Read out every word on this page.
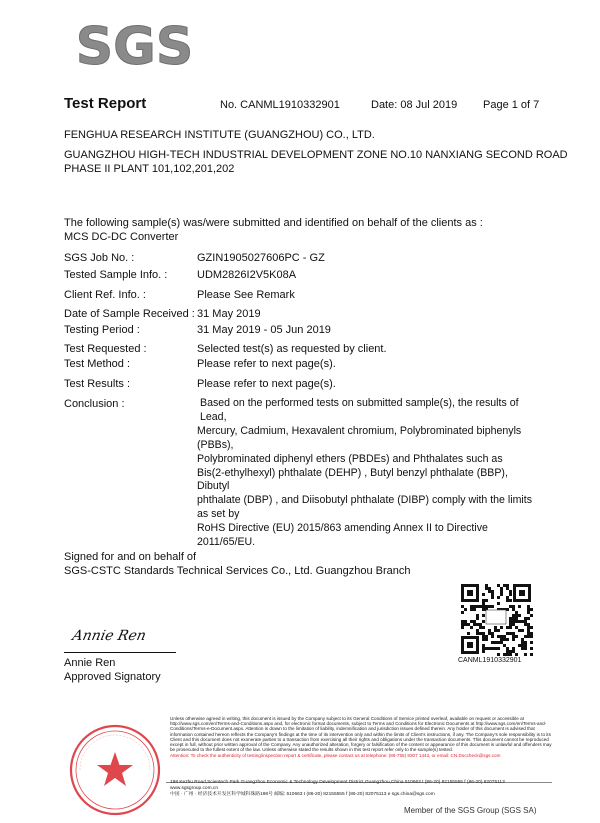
SGS
Test Report	No. CANML1910332901	Date: 08 Jul 2019 Page 1 of 7
FENGHUA RESEARCH INSTITUTE (GUANGZHOU) CO., LTD.
GUANGZHOU HIGH-TECH INDUSTRIAL DEVELOPMENT ZONE NO.10 NANXIANG SECOND ROAD
PHASE II PLANT 101,102,201,202
The following sample(s) was/were submitted and identified on behalf of the clients as :
MCS DC-DC Converter
SGS Job No. :	GZIN1905027606PC - GZ
Tested Sample Info. :	UDM2826I2V5K08A
Client Ref. Info. :	Please See Remark
Date of Sample Received : 31 May 2019
Testing Period :	31 May 2019 - 05 Jun 2019
Test Requested :	Selected test(s) as requested by client.
Test Method :	Please refer to next page(s).
Test Results :	Please refer to next page(s).
Conclusion :	Based on the performed tests on submitted sample(s), the results of Lead,
Mercury, Cadmium, Hexavalent chromium, Polybrominated biphenyls (PBBs),
Polybrominated diphenyl ethers (PBDEs) and Phthalates such as
Bis(2-ethylhexyl) phthalate (DEHP) , Butyl benzyl phthalate (BBP), Dibutyl
phthalate (DBP) , and Diisobutyl phthalate (DIBP) comply with the limits as set by
RoHS Directive (EU) 2015/863 amending Annex II to Directive 2011/65/EU.
Signed for and on behalf of
SGS-CSTC Standards Technical Services Co., Ltd. Guangzhou Branch
Annie Ren
Annie Ren
Approved Signatory
CANML1910332901
Unless otherwise agreed in writing, this document is issued by the Company subject to its General Conditions of Service printed overleaf, available on request or accessible at http://www.sgs.com/en/Terms-and-Conditions.aspx and, for electronic format documents, subject to Terms and Conditions for Electronic Documents at http://www.sgs.com/en/Terms-and-Conditions/Terms-e-Document.aspx. Attention is drawn to the limitation of liability, indemnification and jurisdiction issues defined therein. Any holder of this document is advised that information contained hereon reflects the Company's findings at the time of its intervention only and within the limits of Client's instructions, if any. The Company's sole responsibility is to its Client and this document does not exonerate parties to a transaction from exercising all their rights and obligations under the transaction documents. This document cannot be reproduced except in full, without prior written approval of the Company. Any unauthorized alteration, forgery or falsification of the content or appearance of this document is unlawful and offenders may be prosecuted to the fullest extent of the law. Unless otherwise stated the results shown in this test report refer only to the sample(s) tested.
Attention: To check the authenticity of testing/inspection report & certificate, please contact us at telephone: (86-755) 8307 1443, or email: CN.Doccheck@sgs.com
198 Kezhu Road,Scientech Park Guangzhou Economic & Technology Development District,Guangzhou,China 510663 t (86-20) 82155555 f (86-20) 82075113 www.sgsgroup.com.cn
中国 · 广州 · 经济技术开发区科学城科珠路198号 邮编: 510663 t (86-20) 82155555 f (86-20) 82075113 e sgs.china@sgs.com
Member of the SGS Group (SGS SA)
